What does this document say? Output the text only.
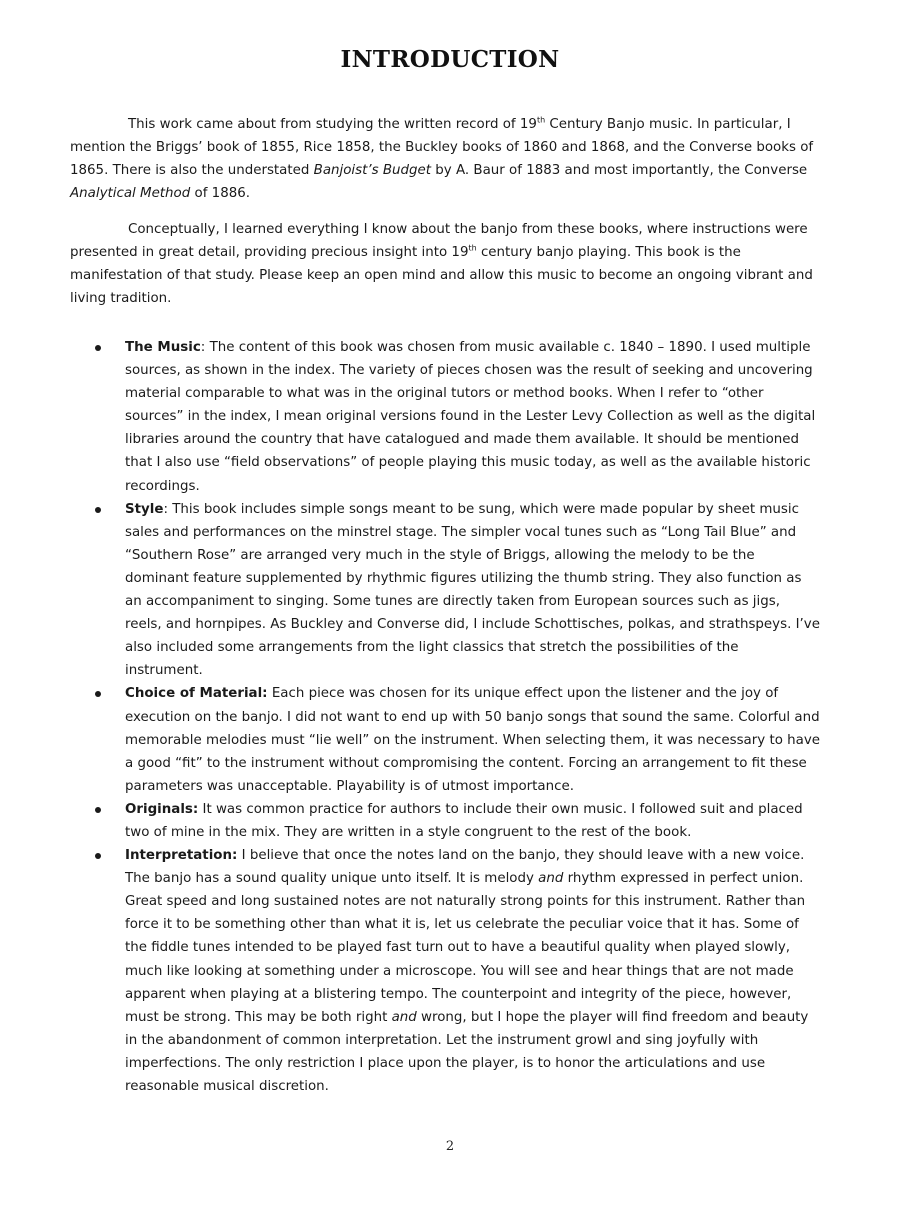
INTRODUCTION

This work came about from studying the written record of 19th Century Banjo music. In particular, I mention the Briggs’ book of 1855, Rice 1858, the Buckley books of 1860 and 1868, and the Converse books of 1865. There is also the understated Banjoist’s Budget by A. Baur of 1883 and most importantly, the Converse Analytical Method of 1886.

Conceptually, I learned everything I know about the banjo from these books, where instructions were presented in great detail, providing precious insight into 19th century banjo playing. This book is the manifestation of that study. Please keep an open mind and allow this music to become an ongoing vibrant and living tradition.

The Music: The content of this book was chosen from music available c. 1840 – 1890. I used multiple sources, as shown in the index. The variety of pieces chosen was the result of seeking and uncovering material comparable to what was in the original tutors or method books. When I refer to “other sources” in the index, I mean original versions found in the Lester Levy Collection as well as the digital libraries around the country that have catalogued and made them available. It should be mentioned that I also use “field observations” of people playing this music today, as well as the available historic recordings.
Style: This book includes simple songs meant to be sung, which were made popular by sheet music sales and performances on the minstrel stage. The simpler vocal tunes such as “Long Tail Blue” and “Southern Rose” are arranged very much in the style of Briggs, allowing the melody to be the dominant feature supplemented by rhythmic figures utilizing the thumb string. They also function as an accompaniment to singing. Some tunes are directly taken from European sources such as jigs, reels, and hornpipes. As Buckley and Converse did, I include Schottisches, polkas, and strathspeys. I’ve also included some arrangements from the light classics that stretch the possibilities of the instrument.
Choice of Material: Each piece was chosen for its unique effect upon the listener and the joy of execution on the banjo. I did not want to end up with 50 banjo songs that sound the same. Colorful and memorable melodies must “lie well” on the instrument. When selecting them, it was necessary to have a good “fit” to the instrument without compromising the content. Forcing an arrangement to fit these parameters was unacceptable. Playability is of utmost importance.
Originals: It was common practice for authors to include their own music. I followed suit and placed two of mine in the mix. They are written in a style congruent to the rest of the book.
Interpretation: I believe that once the notes land on the banjo, they should leave with a new voice. The banjo has a sound quality unique unto itself. It is melody and rhythm expressed in perfect union. Great speed and long sustained notes are not naturally strong points for this instrument. Rather than force it to be something other than what it is, let us celebrate the peculiar voice that it has. Some of the fiddle tunes intended to be played fast turn out to have a beautiful quality when played slowly, much like looking at something under a microscope. You will see and hear things that are not made apparent when playing at a blistering tempo. The counterpoint and integrity of the piece, however, must be strong. This may be both right and wrong, but I hope the player will find freedom and beauty in the abandonment of common interpretation. Let the instrument growl and sing joyfully with imperfections. The only restriction I place upon the player, is to honor the articulations and use reasonable musical discretion.
2
